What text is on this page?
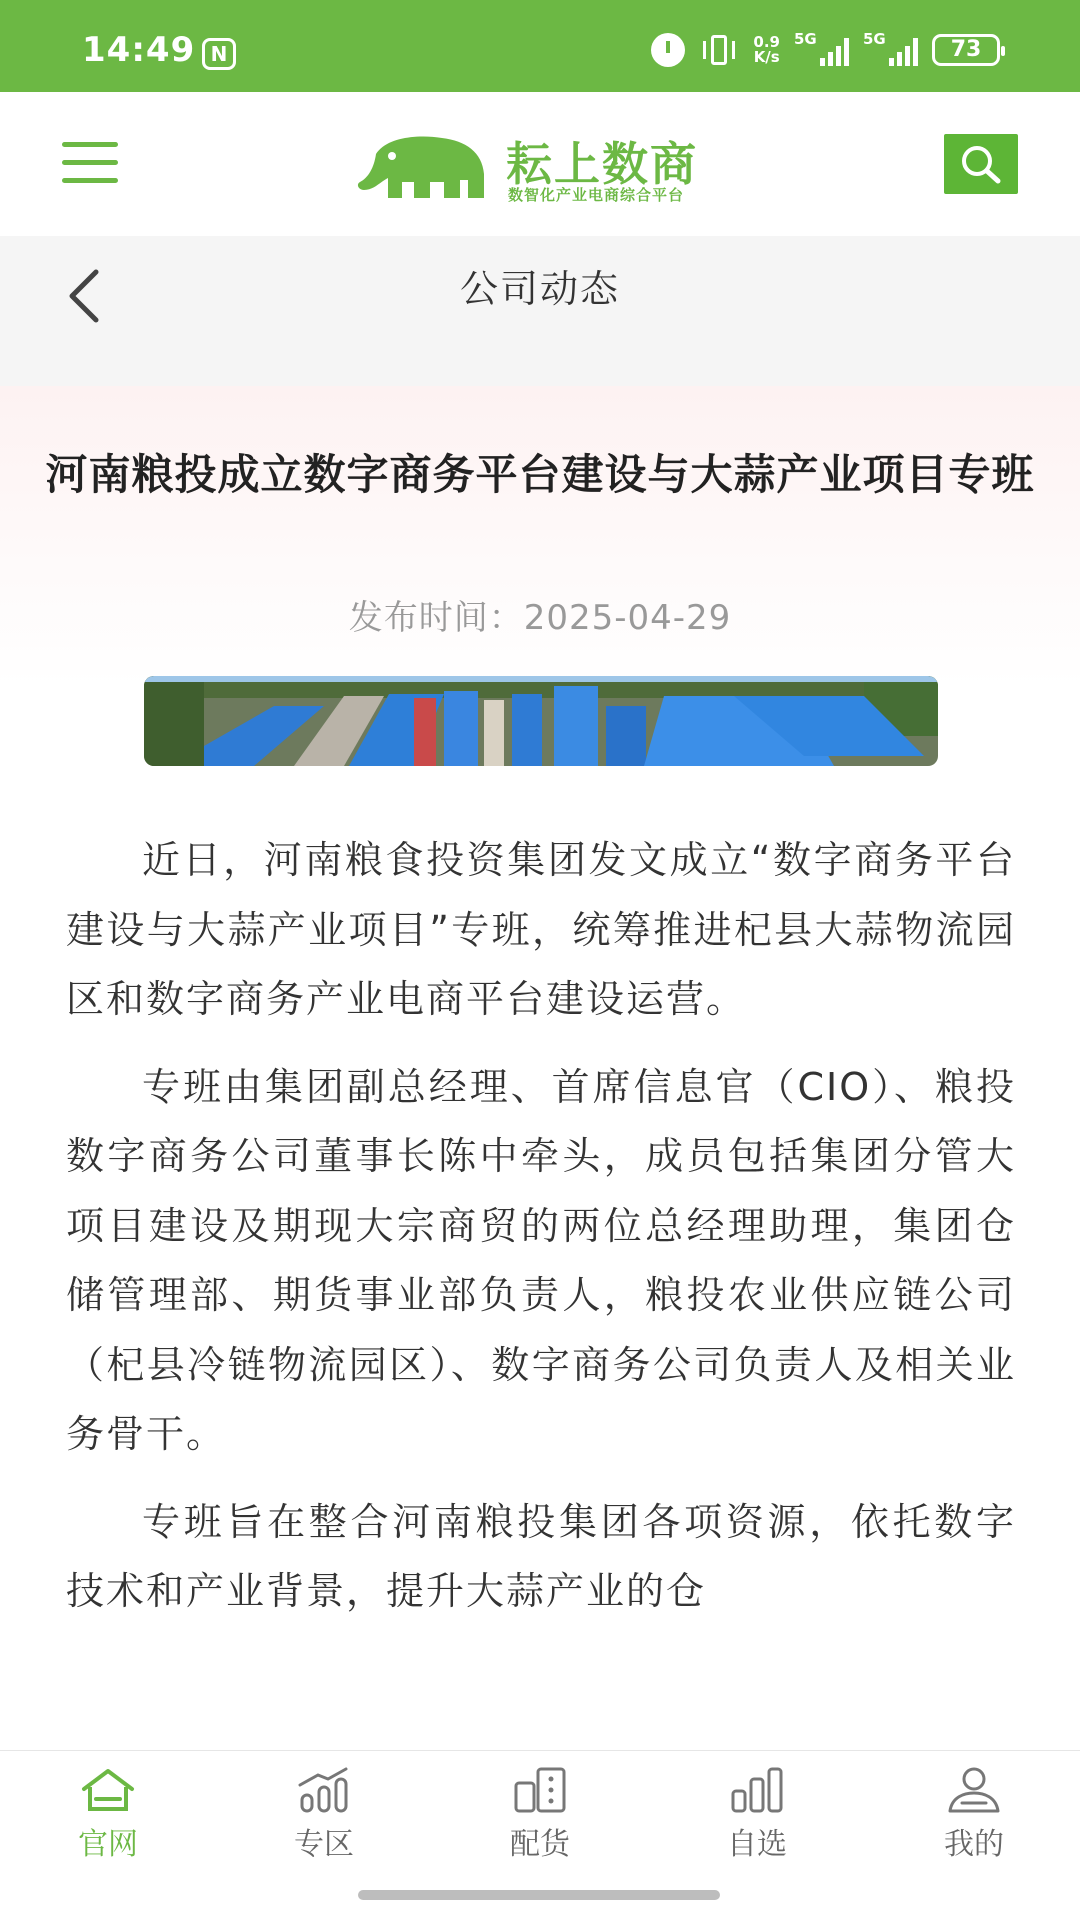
14:49 N	0.9
K/s
5G	5G	73
耘上数商
数智化产业电商综合平台
公司动态
河南粮投成立数字商务平台建设与大蒜产业项目专班
发布时间：2025-04-29

近日，河南粮食投资集团发文成立“数字商务平台建设与大蒜产业项目”专班，统筹推进杞县大蒜物流园区和数字商务产业电商平台建设运营。

专班由集团副总经理、首席信息官（CIO）、粮投数字商务公司董事长陈中牵头，成员包括集团分管大项目建设及期现大宗商贸的两位总经理助理，集团仓储管理部、期货事业部负责人，粮投农业供应链公司（杞县冷链物流园区）、数字商务公司负责人及相关业务骨干。

专班旨在整合河南粮投集团各项资源，依托数字技术和产业背景，提升大蒜产业的仓

官网	专区	配货	自选	我的
